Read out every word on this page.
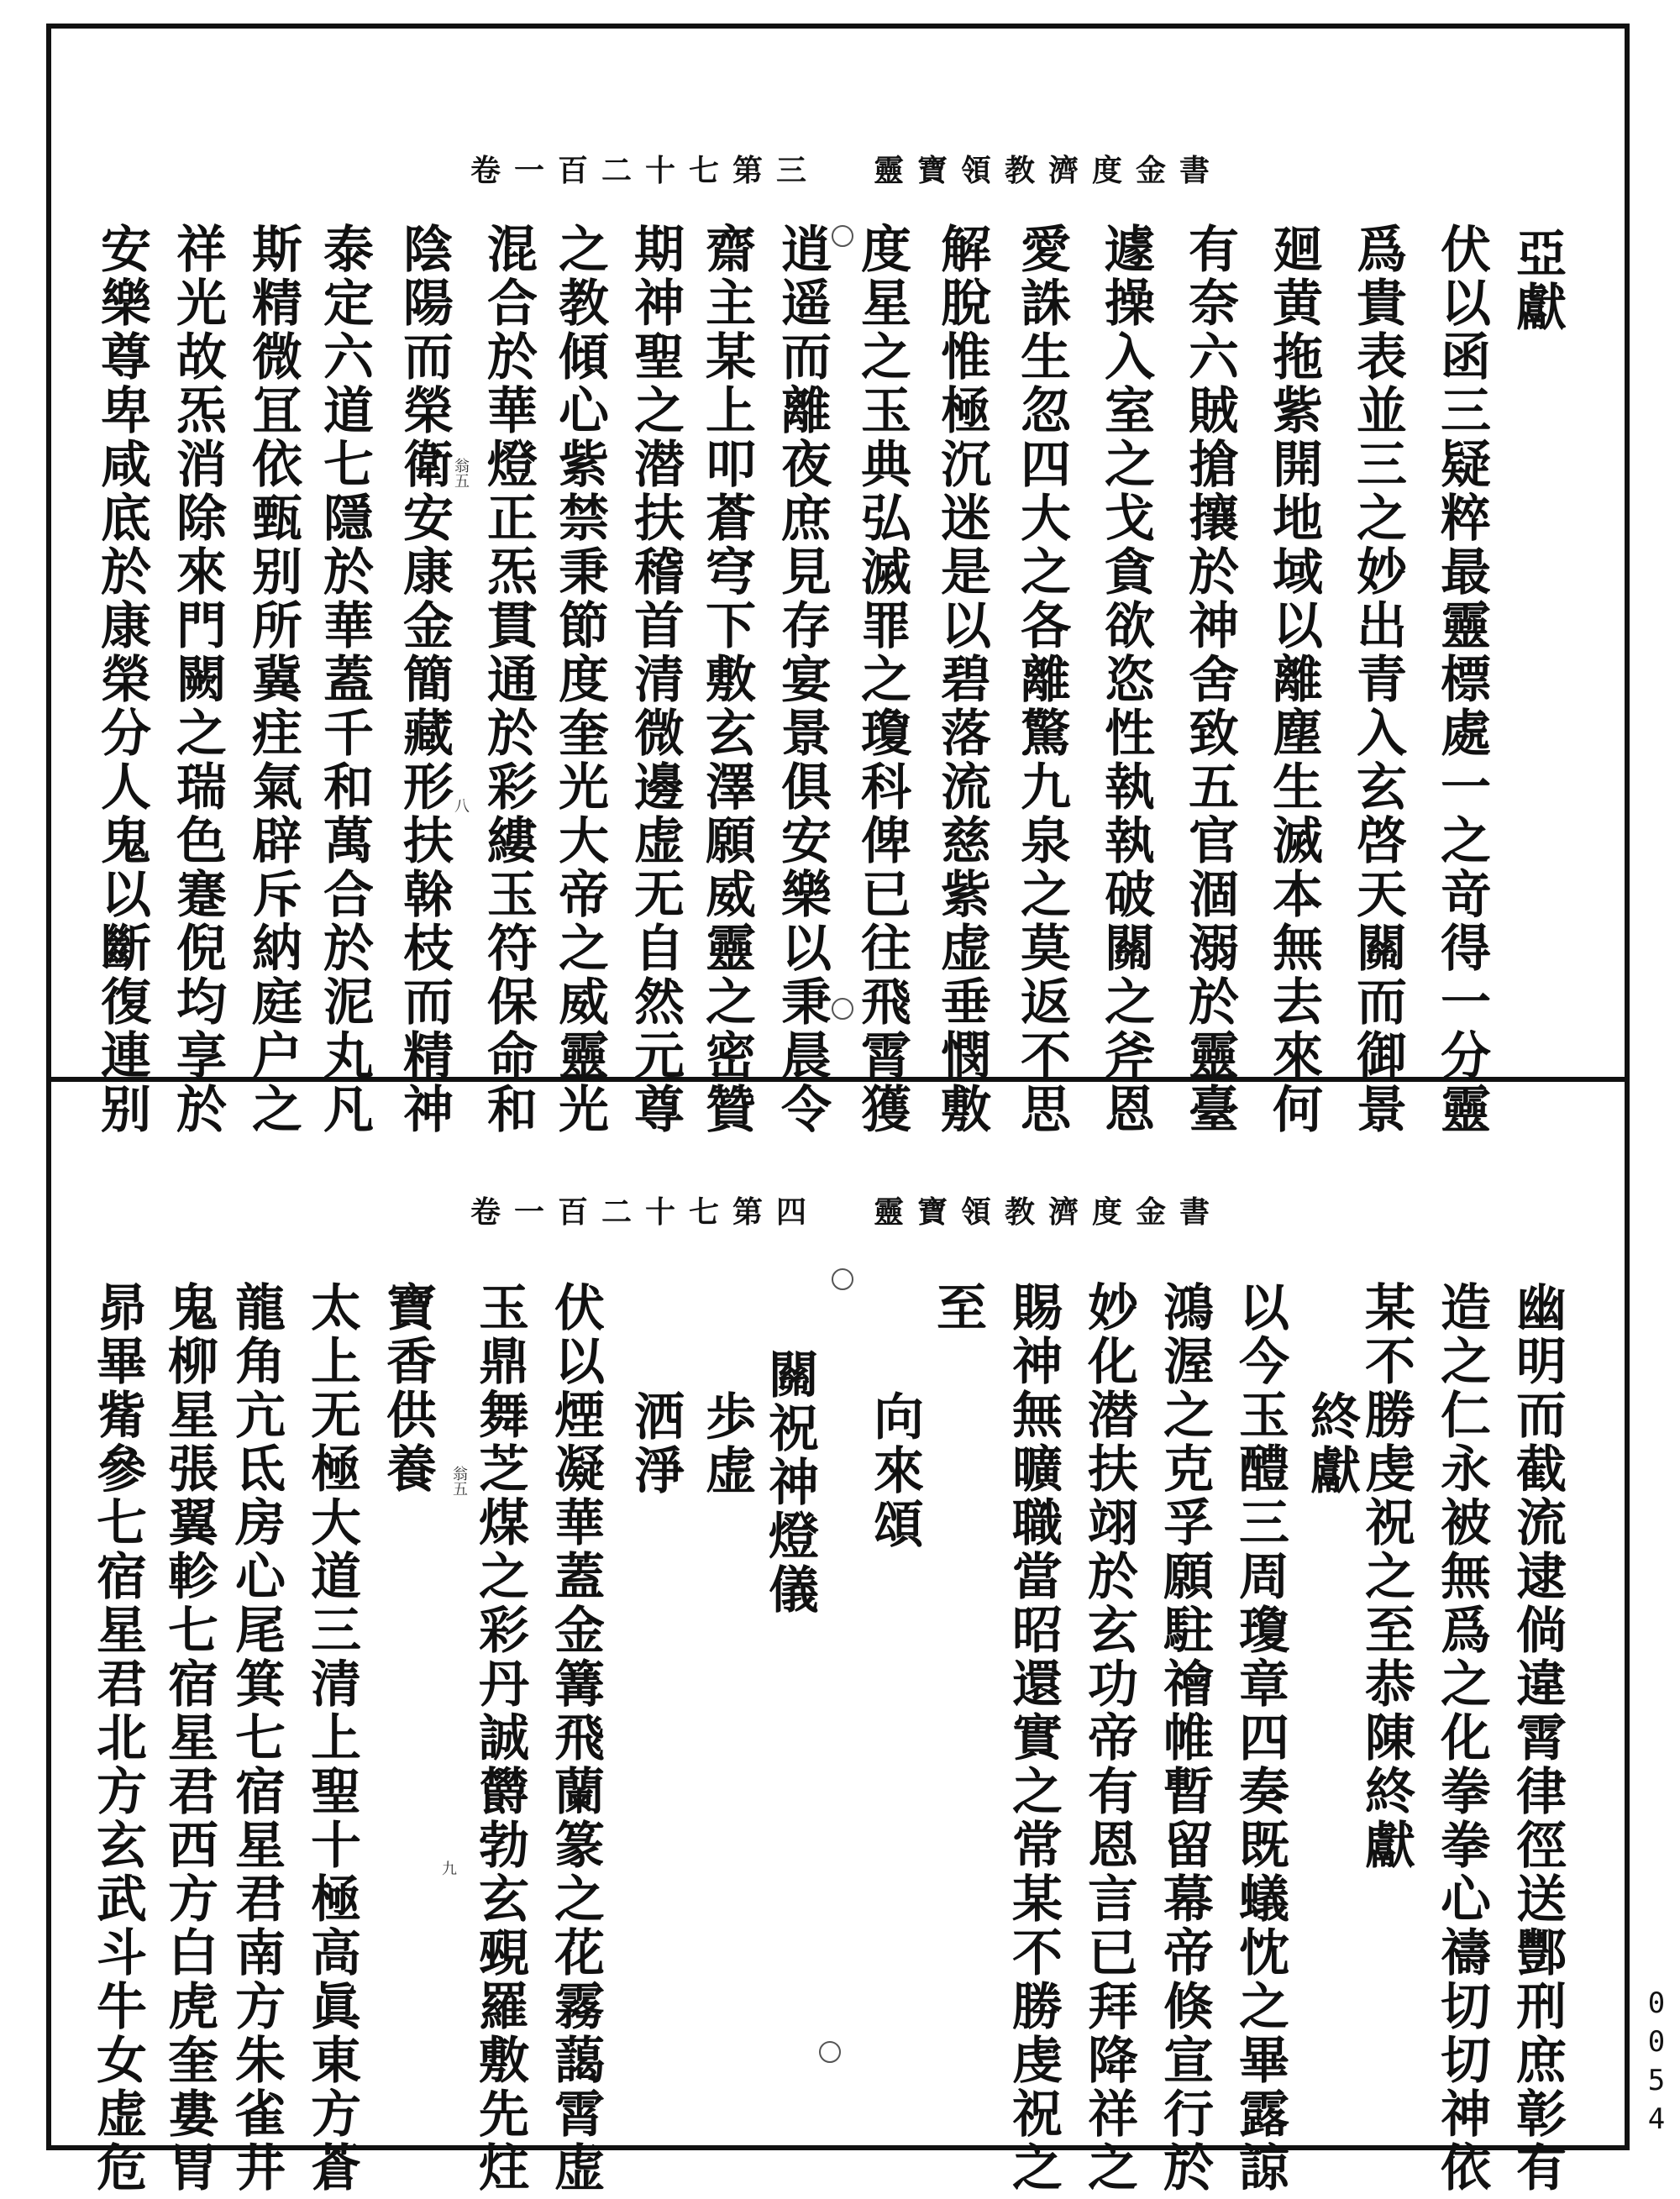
卷一百二十七第三 靈寶領教濟度金書
亞獻
伏以函三疑粹最靈標處一之竒得一分靈
爲貴表並三之妙出青入玄啓天關而御景
廻黄拖紫開地域以離塵生滅本無去來何
有奈六賊搶攘於神舍致五官涸溺於靈臺
遽操入室之戈貪欲恣性執執破關之斧恩
愛誅生忽四大之各離驚九泉之莫返不思
解脫惟極沉迷是以碧落流慈紫虚垂憫敷
度星之玉典弘滅罪之瓊科俾已往飛霄獲
逍遥而離夜庶見存宴景俱安樂以秉晨令
齋主某上叩蒼穹下敷玄澤願威靈之密贊
期神聖之潜扶稽首清微邊虚无自然元尊
之教傾心紫禁秉節度奎光大帝之威靈光
混合於華燈正炁貫通於彩縷玉符保命和
陰陽而榮衛安康金簡藏形扶榦枝而精神
泰定六道七隱於華蓋千和萬合於泥丸凡
斯精微冝依甄别所冀疰氣辟斥納庭户之
祥光故炁消除來門闕之瑞色蹇倪均享於
安樂尊卑咸底於康榮分人鬼以斷復連别	翁五
八
卷一百二十七第四 靈寶領教濟度金書
幽明而截流逮倘違霄律徑送酆刑庶彰有
造之仁永被無爲之化拳拳心禱切切神依
某不勝虔祝之至恭陳終獻
終獻
以今玉醴三周瓊章四奏既蟻忱之畢露諒
鴻渥之克孚願駐禬帷暫留幕帝倏宣行於
妙化潜扶翊於玄功帝有恩言已拜降祥之
賜神無曠職當昭還實之常某不勝虔祝之
至
向來頌
關祝神燈儀
歩虚
洒淨
伏以煙凝華蓋金篝飛蘭篆之花霧藹霄虚
玉鼎舞芝煤之彩丹誠欝勃玄覡羅敷先炷
寶香供養
太上无極大道三清上聖十極高眞東方蒼
龍角亢氐房心尾箕七宿星君南方朱雀井
鬼柳星張翼軫七宿星君西方白虎奎婁胃
昴畢觜參七宿星君北方玄武斗牛女虚危	翁五
九
0054
